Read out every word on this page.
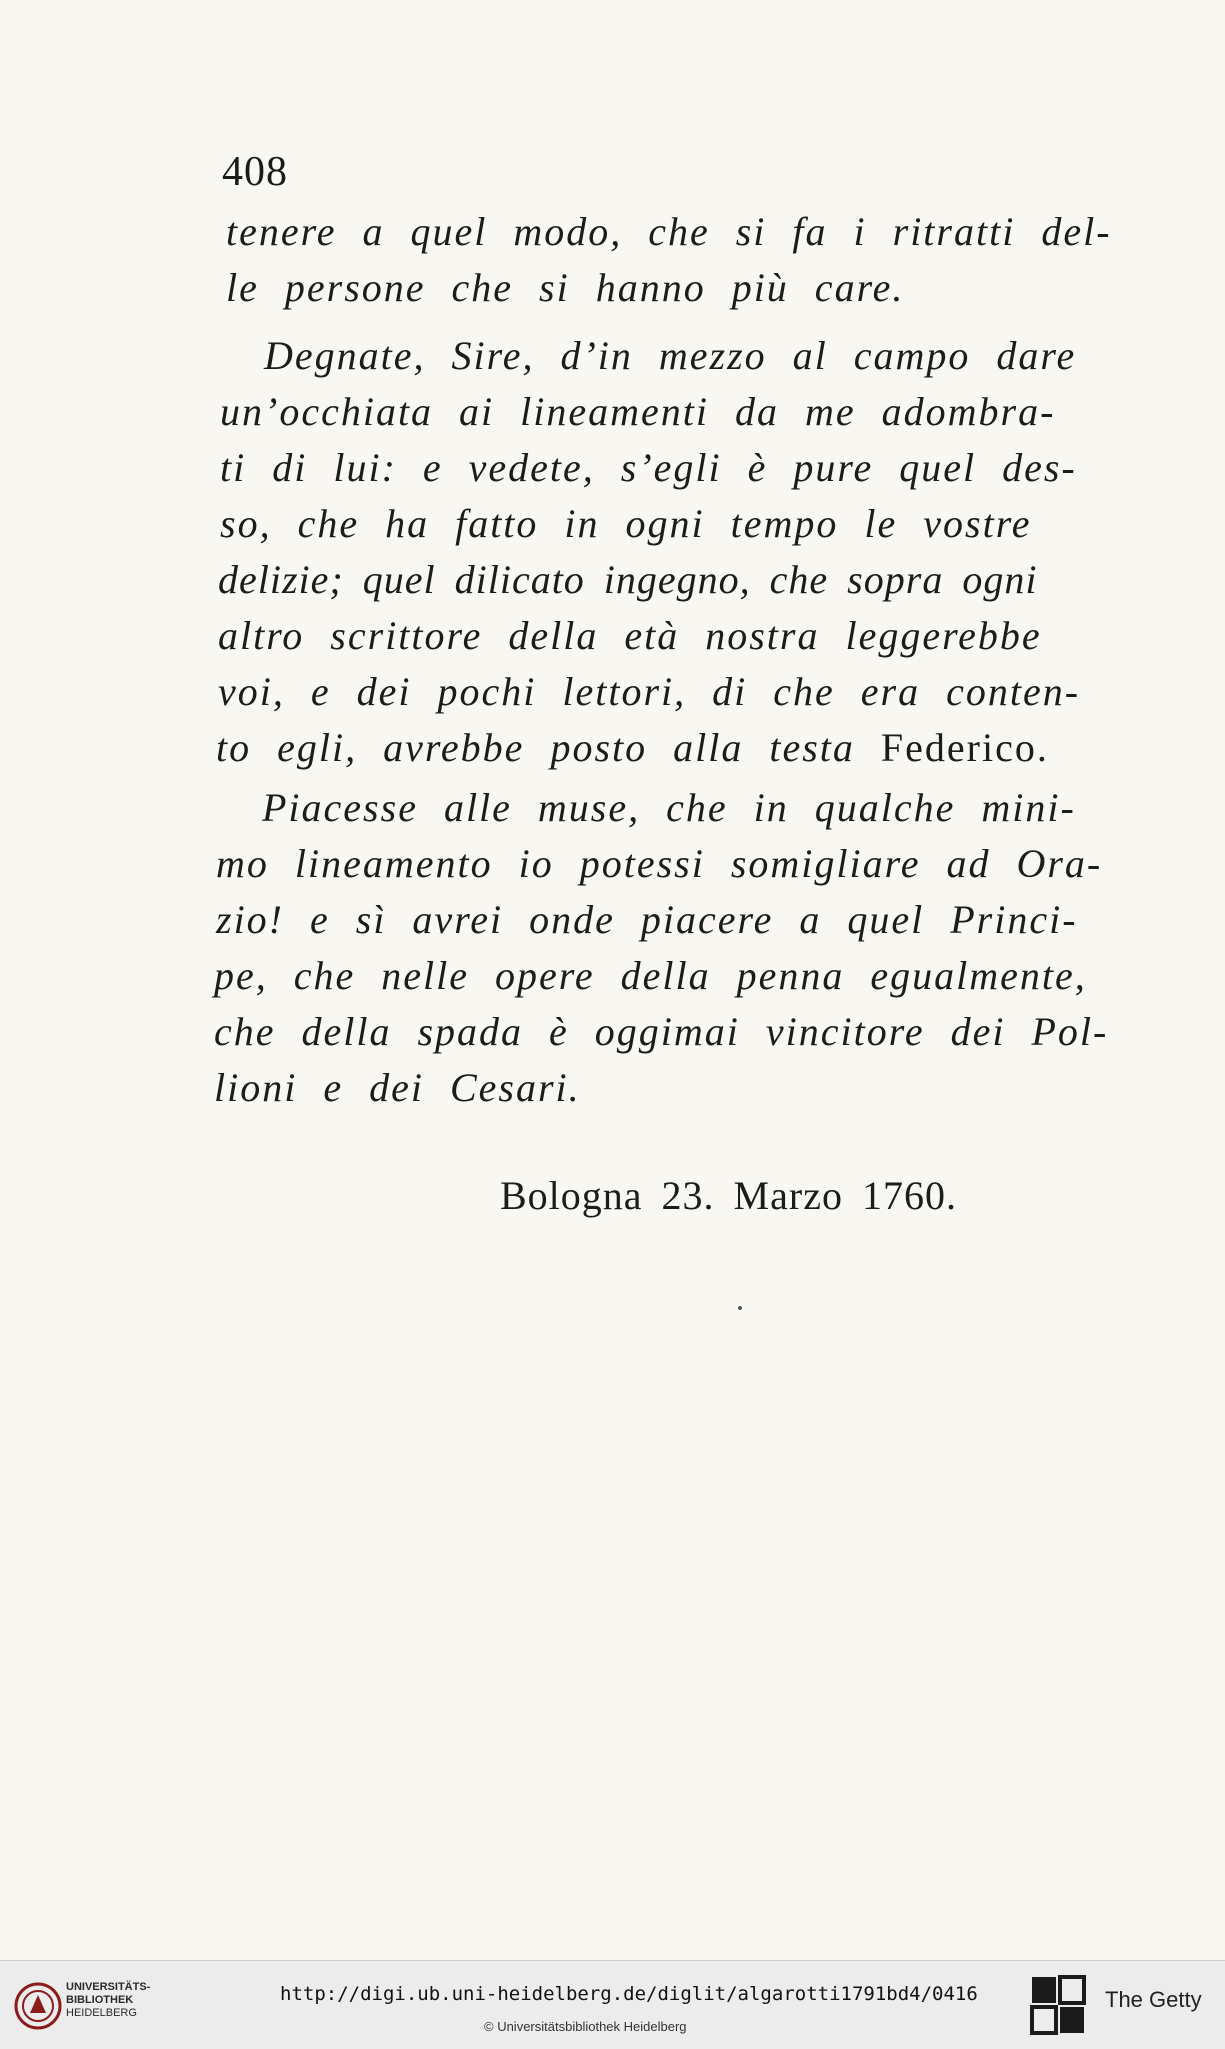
408
tenere a quel modo, che si fa i ritratti del-
le persone che si hanno più care.
Degnate, Sire, d’in mezzo al campo dare
un’occhiata ai lineamenti da me adombra-
ti di lui: e vedete, s’egli è pure quel des-
so, che ha fatto in ogni tempo le vostre
delizie; quel dilicato ingegno, che sopra ogni
altro scrittore della età nostra leggerebbe
voi, e dei pochi lettori, di che era conten-
to egli, avrebbe posto alla testa Federico.
Piacesse alle muse, che in qualche mini-
mo lineamento io potessi somigliare ad Ora-
zio! e sì avrei onde piacere a quel Princi-
pe, che nelle opere della penna egualmente,
che della spada è oggimai vincitore dei Pol-
lioni e dei Cesari.
Bologna 23. Marzo 1760.
UNIVERSITÄTS-
BIBLIOTHEK
HEIDELBERG
http://digi.ub.uni-heidelberg.de/diglit/algarotti1791bd4/0416
© Universitätsbibliothek Heidelberg
The Getty
